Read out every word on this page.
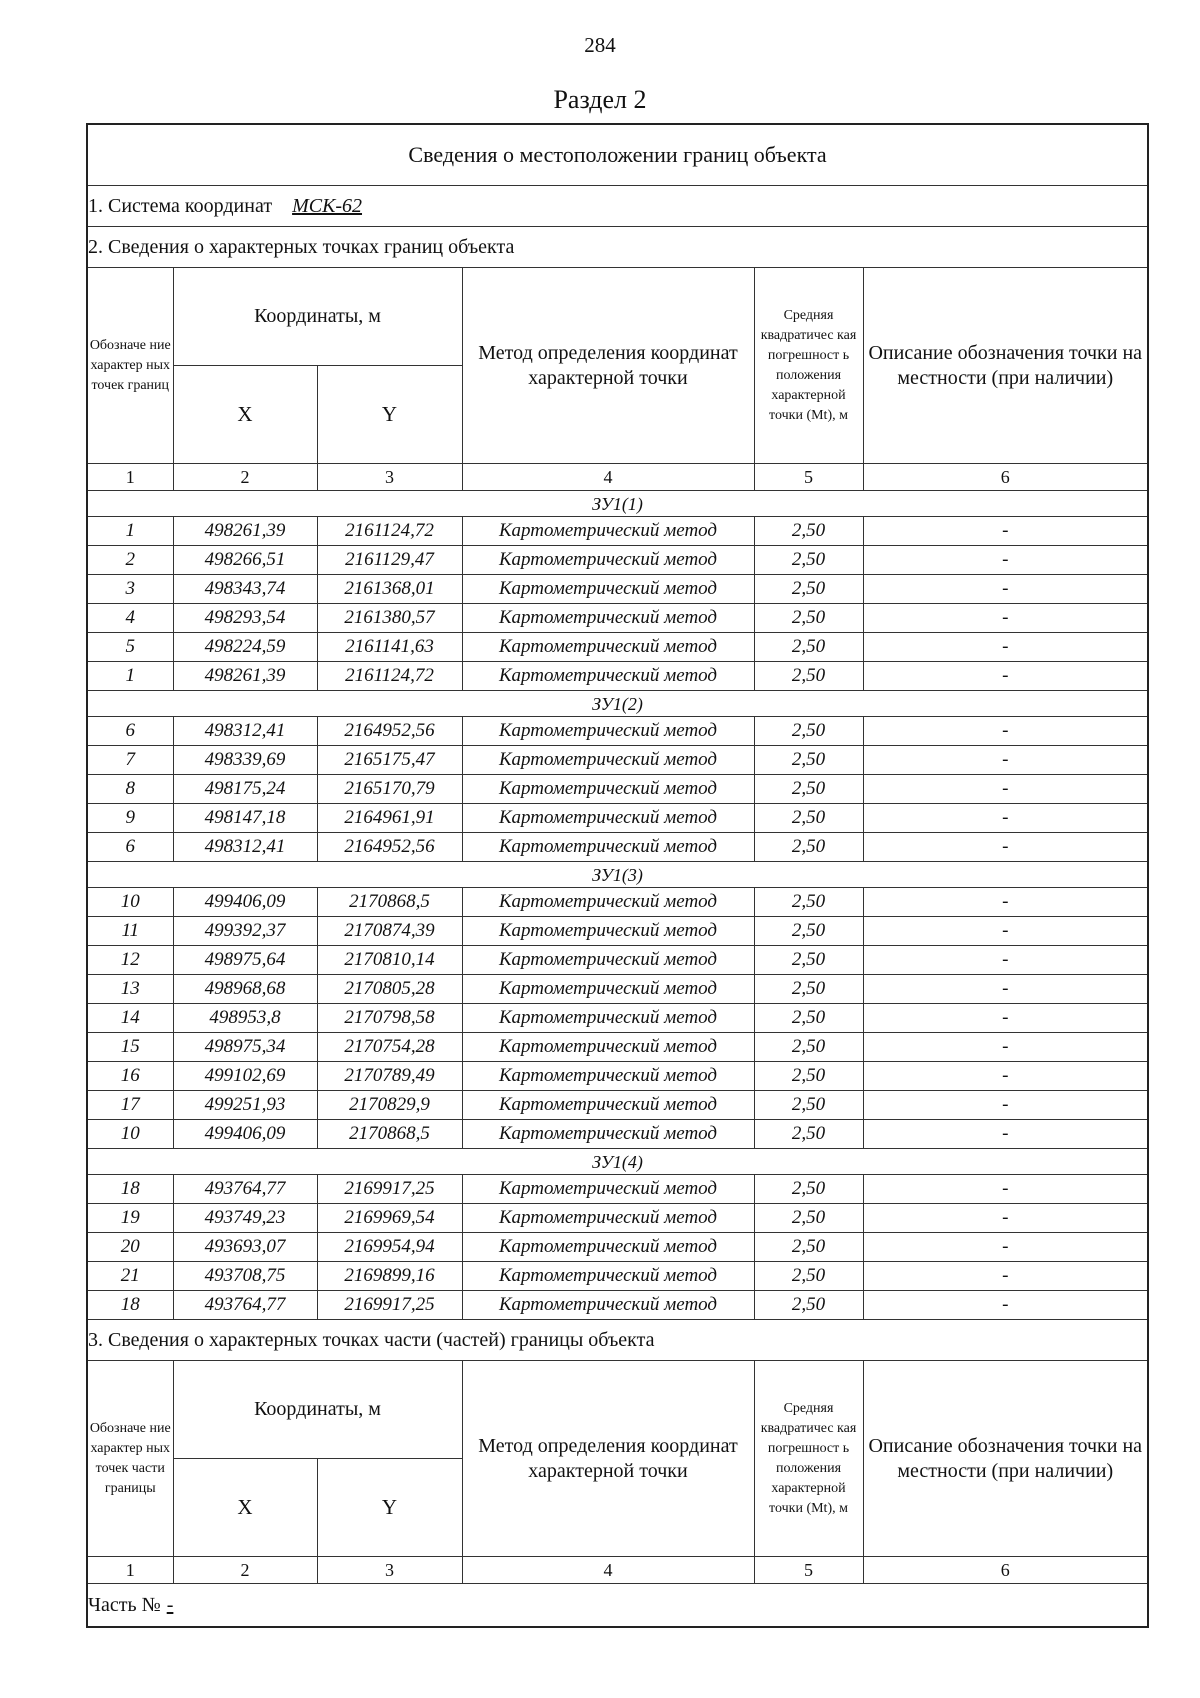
284
Раздел 2
Сведения о местоположении границ объекта					
1. Система координат МСК-62					
2. Сведения о характерных точках границ объекта					
Обозначе ние характер ных точек границ	Координаты, м		Метод определения координат характерной точки	Средняя квадратичес кая погрешност ь положения характерной точки (Mt), м	Описание обозначения точки на местности (при наличии)
	X	Y			
1	2	3	4	5	6
ЗУ1(1)					
1	498261,39	2161124,72	Картометрический метод	2,50	-
2	498266,51	2161129,47	Картометрический метод	2,50	-
3	498343,74	2161368,01	Картометрический метод	2,50	-
4	498293,54	2161380,57	Картометрический метод	2,50	-
5	498224,59	2161141,63	Картометрический метод	2,50	-
1	498261,39	2161124,72	Картометрический метод	2,50	-
ЗУ1(2)					
6	498312,41	2164952,56	Картометрический метод	2,50	-
7	498339,69	2165175,47	Картометрический метод	2,50	-
8	498175,24	2165170,79	Картометрический метод	2,50	-
9	498147,18	2164961,91	Картометрический метод	2,50	-
6	498312,41	2164952,56	Картометрический метод	2,50	-
ЗУ1(3)					
10	499406,09	2170868,5	Картометрический метод	2,50	-
11	499392,37	2170874,39	Картометрический метод	2,50	-
12	498975,64	2170810,14	Картометрический метод	2,50	-
13	498968,68	2170805,28	Картометрический метод	2,50	-
14	498953,8	2170798,58	Картометрический метод	2,50	-
15	498975,34	2170754,28	Картометрический метод	2,50	-
16	499102,69	2170789,49	Картометрический метод	2,50	-
17	499251,93	2170829,9	Картометрический метод	2,50	-
10	499406,09	2170868,5	Картометрический метод	2,50	-
ЗУ1(4)					
18	493764,77	2169917,25	Картометрический метод	2,50	-
19	493749,23	2169969,54	Картометрический метод	2,50	-
20	493693,07	2169954,94	Картометрический метод	2,50	-
21	493708,75	2169899,16	Картометрический метод	2,50	-
18	493764,77	2169917,25	Картометрический метод	2,50	-
3. Сведения о характерных точках части (частей) границы объекта					
Обозначе ние характер ных точек части границы	Координаты, м		Метод определения координат характерной точки	Средняя квадратичес кая погрешност ь положения характерной точки (Mt), м	Описание обозначения точки на местности (при наличии)
	X	Y			
1	2	3	4	5	6
Часть № -					
